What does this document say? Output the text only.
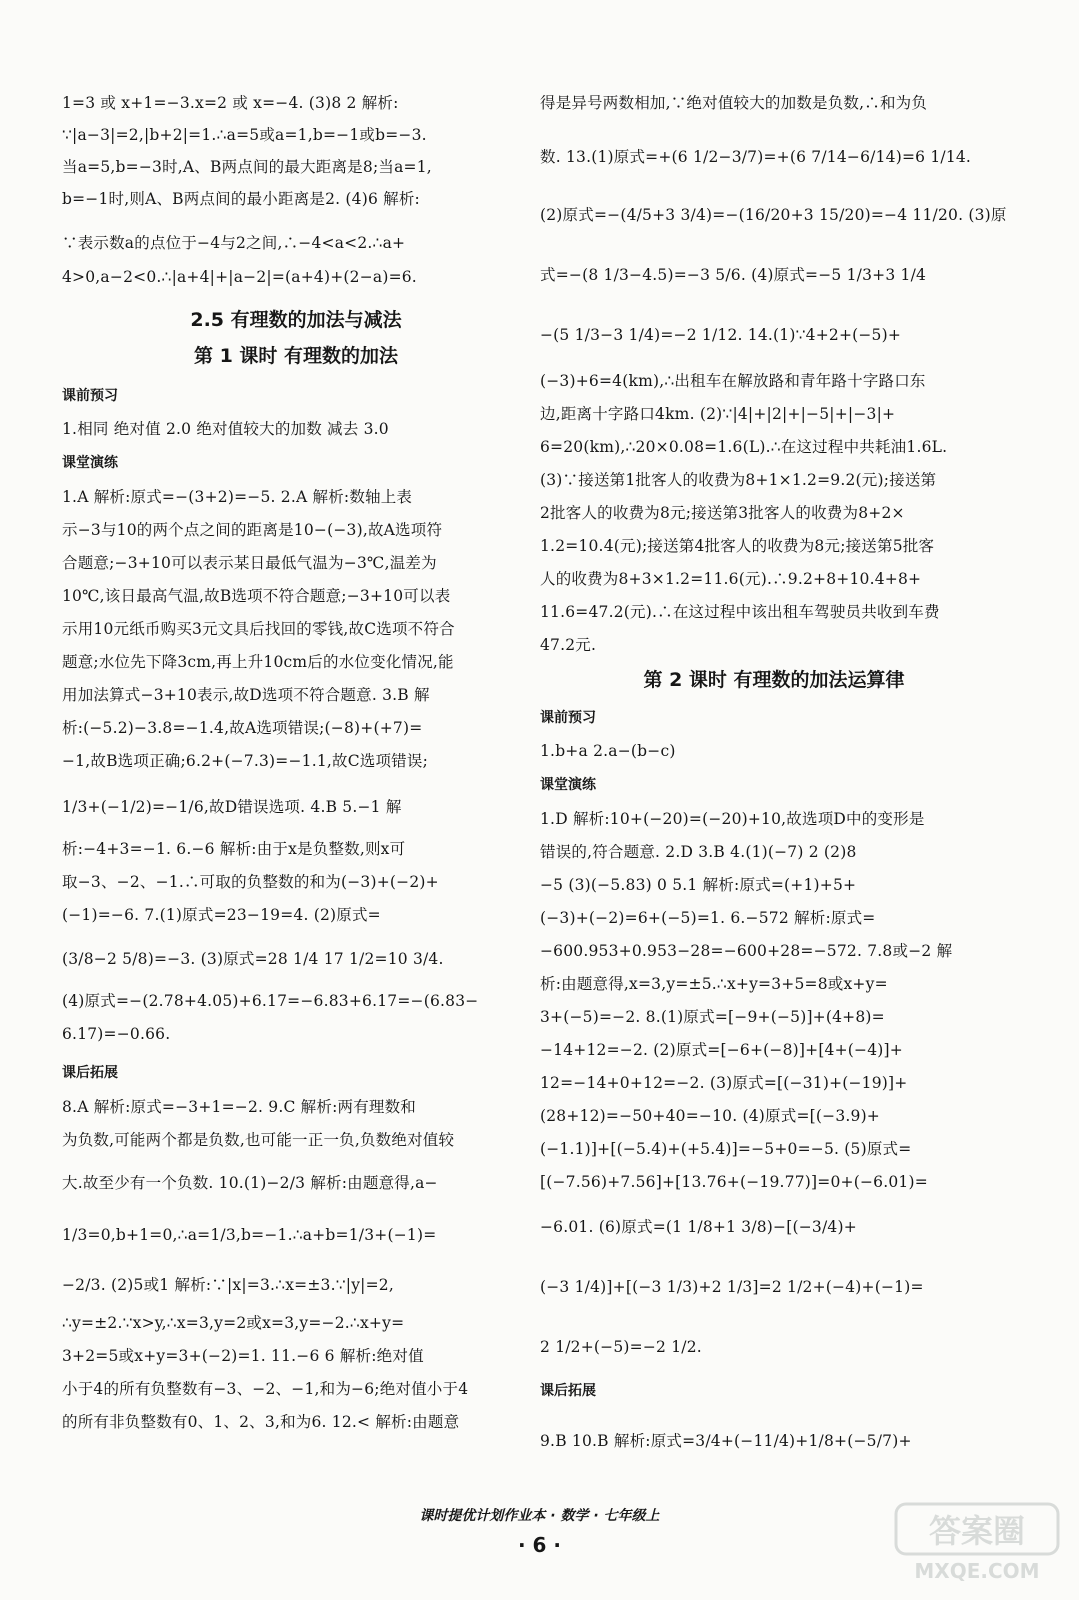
1=3 或 x+1=−3.x=2 或 x=−4. (3)8 2 解析:
∵|a−3|=2,|b+2|=1.∴a=5或a=1,b=−1或b=−3.
当a=5,b=−3时,A、B两点间的最大距离是8;当a=1,
b=−1时,则A、B两点间的最小距离是2. (4)6 解析:
∵表示数a的点位于−4与2之间,∴−4<a<2.∴a+
4>0,a−2<0.∴|a+4|+|a−2|=(a+4)+(2−a)=6.
2.5 有理数的加法与减法
第 1 课时 有理数的加法
课前预习
1.相同 绝对值 2.0 绝对值较大的加数 减去 3.0
课堂演练
1.A 解析:原式=−(3+2)=−5. 2.A 解析:数轴上表
示−3与10的两个点之间的距离是10−(−3),故A选项符
合题意;−3+10可以表示某日最低气温为−3℃,温差为
10℃,该日最高气温,故B选项不符合题意;−3+10可以表
示用10元纸币购买3元文具后找回的零钱,故C选项不符合
题意;水位先下降3cm,再上升10cm后的水位变化情况,能
用加法算式−3+10表示,故D选项不符合题意. 3.B 解
析:(−5.2)−3.8=−1.4,故A选项错误;(−8)+(+7)=
−1,故B选项正确;6.2+(−7.3)=−1.1,故C选项错误;
1/3+(−1/2)=−1/6,故D错误选项. 4.B 5.−1 解
析:−4+3=−1. 6.−6 解析:由于x是负整数,则x可
取−3、−2、−1.∴可取的负整数的和为(−3)+(−2)+
(−1)=−6. 7.(1)原式=23−19=4. (2)原式=
(3/8−2 5/8)=−3. (3)原式=28 1/4 17 1/2=10 3/4.
(4)原式=−(2.78+4.05)+6.17=−6.83+6.17=−(6.83−
6.17)=−0.66.
课后拓展
8.A 解析:原式=−3+1=−2. 9.C 解析:两有理数和
为负数,可能两个都是负数,也可能一正一负,负数绝对值较
大.故至少有一个负数. 10.(1)−2/3 解析:由题意得,a−
1/3=0,b+1=0,∴a=1/3,b=−1.∴a+b=1/3+(−1)=
−2/3. (2)5或1 解析:∵|x|=3.∴x=±3.∵|y|=2,
∴y=±2.∵x>y,∴x=3,y=2或x=3,y=−2.∴x+y=
3+2=5或x+y=3+(−2)=1. 11.−6 6 解析:绝对值
小于4的所有负整数有−3、−2、−1,和为−6;绝对值小于4
的所有非负整数有0、1、2、3,和为6. 12.< 解析:由题意
得是异号两数相加,∵绝对值较大的加数是负数,∴和为负
数. 13.(1)原式=+(6 1/2−3/7)=+(6 7/14−6/14)=6 1/14.
(2)原式=−(4/5+3 3/4)=−(16/20+3 15/20)=−4 11/20. (3)原
式=−(8 1/3−4.5)=−3 5/6. (4)原式=−5 1/3+3 1/4
−(5 1/3−3 1/4)=−2 1/12. 14.(1)∵4+2+(−5)+
(−3)+6=4(km),∴出租车在解放路和青年路十字路口东
边,距离十字路口4km. (2)∵|4|+|2|+|−5|+|−3|+
6=20(km),∴20×0.08=1.6(L).∴在这过程中共耗油1.6L.
(3)∵接送第1批客人的收费为8+1×1.2=9.2(元);接送第
2批客人的收费为8元;接送第3批客人的收费为8+2×
1.2=10.4(元);接送第4批客人的收费为8元;接送第5批客
人的收费为8+3×1.2=11.6(元).∴9.2+8+10.4+8+
11.6=47.2(元).∴在这过程中该出租车驾驶员共收到车费
47.2元.
第 2 课时 有理数的加法运算律
课前预习
1.b+a 2.a−(b−c)
课堂演练
1.D 解析:10+(−20)=(−20)+10,故选项D中的变形是
错误的,符合题意. 2.D 3.B 4.(1)(−7) 2 (2)8
−5 (3)(−5.83) 0 5.1 解析:原式=(+1)+5+
(−3)+(−2)=6+(−5)=1. 6.−572 解析:原式=
−600.953+0.953−28=−600+28=−572. 7.8或−2 解
析:由题意得,x=3,y=±5.∴x+y=3+5=8或x+y=
3+(−5)=−2. 8.(1)原式=[−9+(−5)]+(4+8)=
−14+12=−2. (2)原式=[−6+(−8)]+[4+(−4)]+
12=−14+0+12=−2. (3)原式=[(−31)+(−19)]+
(28+12)=−50+40=−10. (4)原式=[(−3.9)+
(−1.1)]+[(−5.4)+(+5.4)]=−5+0=−5. (5)原式=
[(−7.56)+7.56]+[13.76+(−19.77)]=0+(−6.01)=
−6.01. (6)原式=(1 1/8+1 3/8)−[(−3/4)+
(−3 1/4)]+[(−3 1/3)+2 1/3]=2 1/2+(−4)+(−1)=
2 1/2+(−5)=−2 1/2.
课后拓展
9.B 10.B 解析:原式=3/4+(−11/4)+1/8+(−5/7)+
课时提优计划作业本 · 数学 · 七年级上
· 6 ·	答案圈
MXQE.COM
